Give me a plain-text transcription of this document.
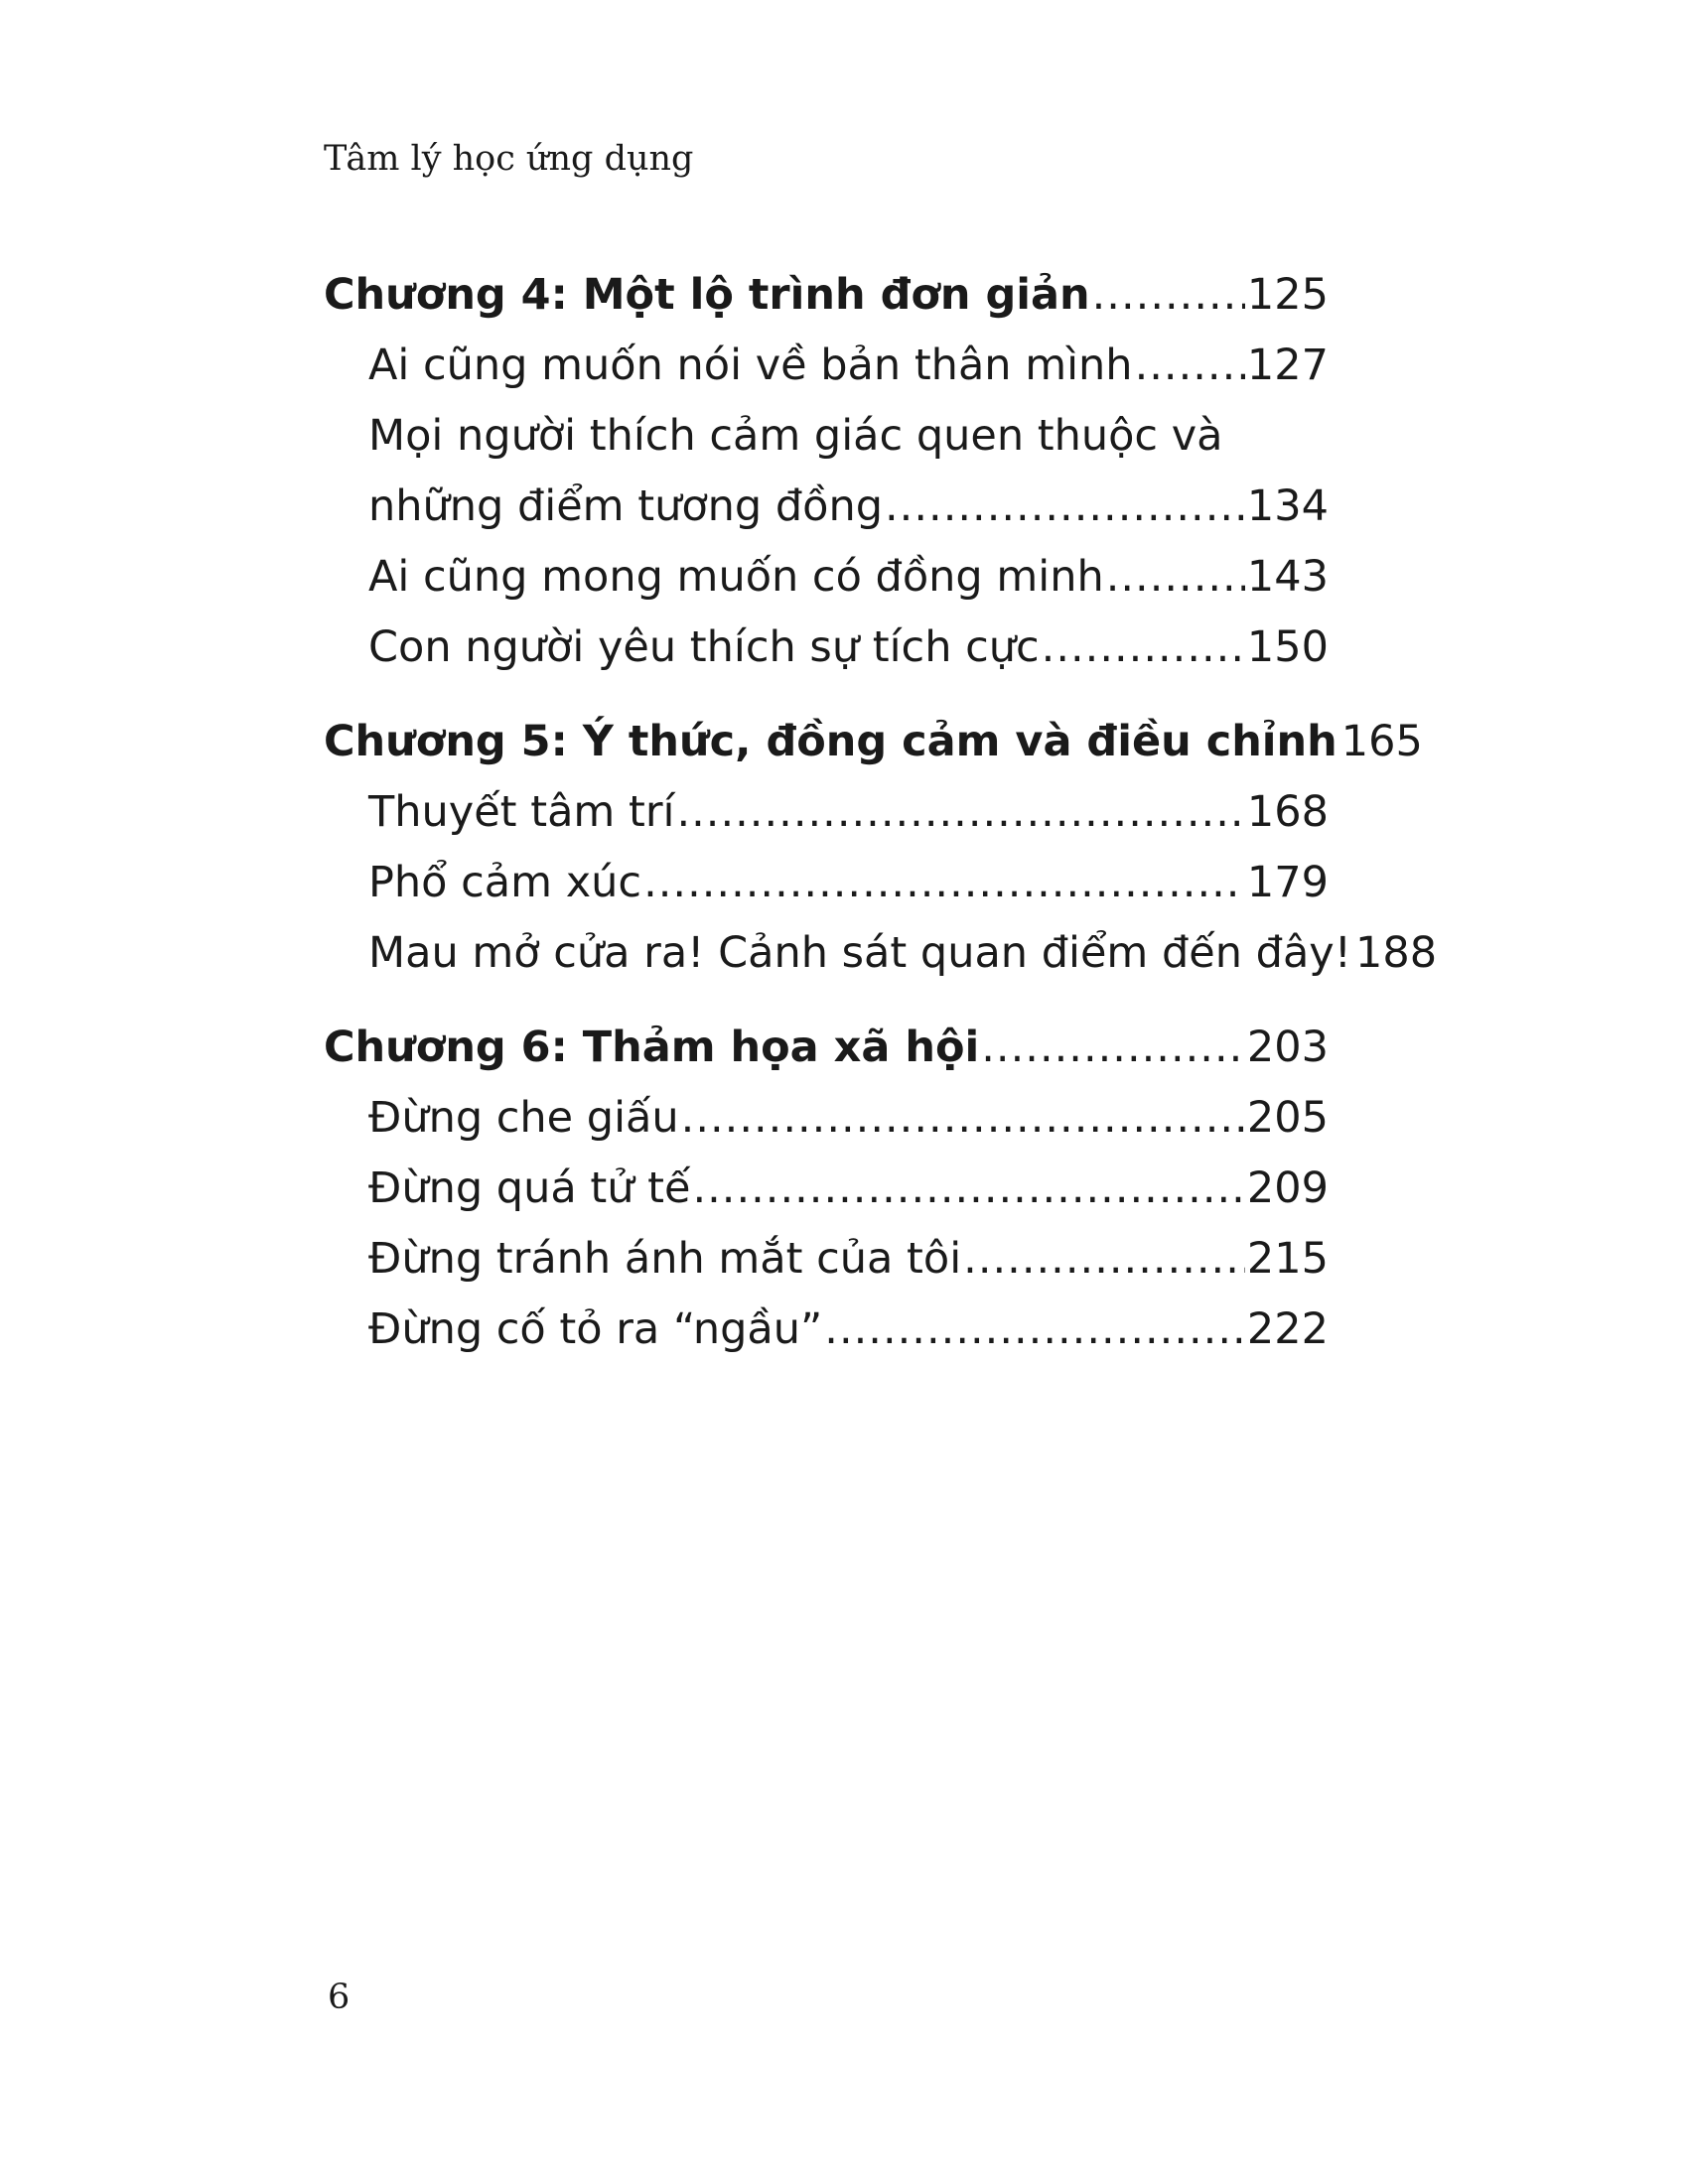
Tâm lý học ứng dụng
Chương 4: Một lộ trình đơn giản .....	125
Ai cũng muốn nói về bản thân mình .....	127
Mọi người thích cảm giác quen thuộc và
những điểm tương đồng .....	134
Ai cũng mong muốn có đồng minh .....	143
Con người yêu thích sự tích cực .....	150
Chương 5: Ý thức, đồng cảm và điều chỉnh 165
Thuyết tâm trí .....	168
Phổ cảm xúc .....	179
Mau mở cửa ra! Cảnh sát quan điểm đến đây! 188
Chương 6: Thảm họa xã hội .....	203
Đừng che giấu .....	205
Đừng quá tử tế .....	209
Đừng tránh ánh mắt của tôi .....	215
Đừng cố tỏ ra “ngầu” .....	222
6
